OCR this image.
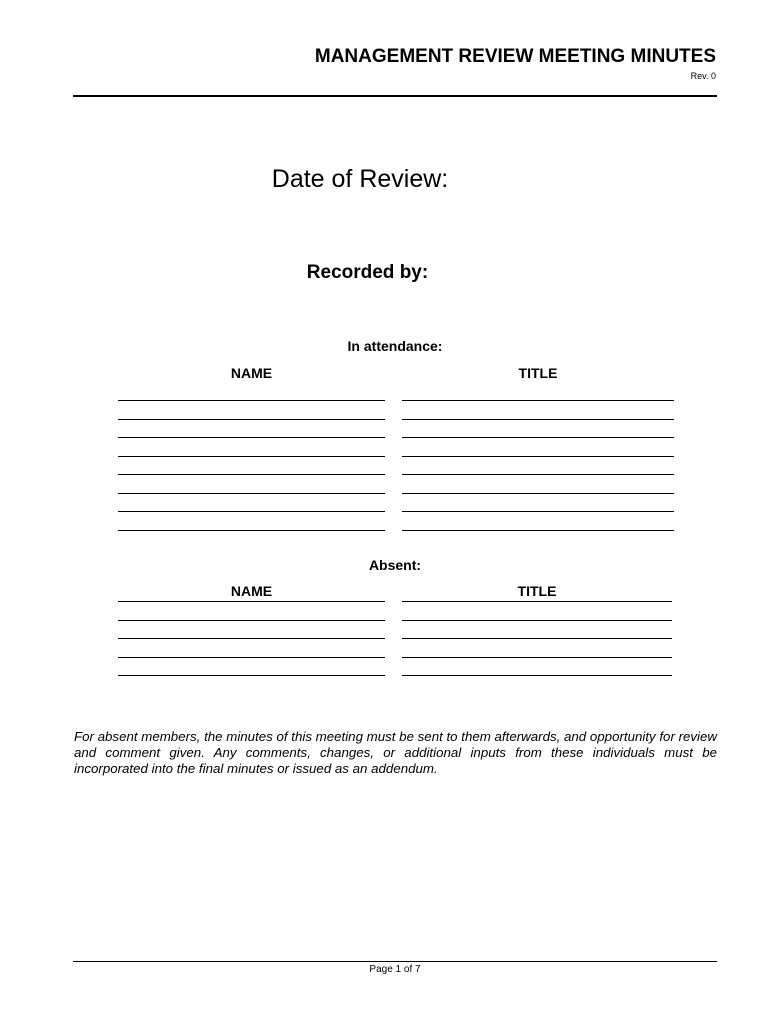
MANAGEMENT REVIEW MEETING MINUTES
Rev. 0
Date of Review:
Recorded by:
In attendance:
NAME	TITLE
Absent:
NAME	TITLE
For absent members, the minutes of this meeting must be sent to them afterwards, and opportunity for review and comment given. Any comments, changes, or additional inputs from these individuals must be incorporated into the final minutes or issued as an addendum.
Page 1 of 7
